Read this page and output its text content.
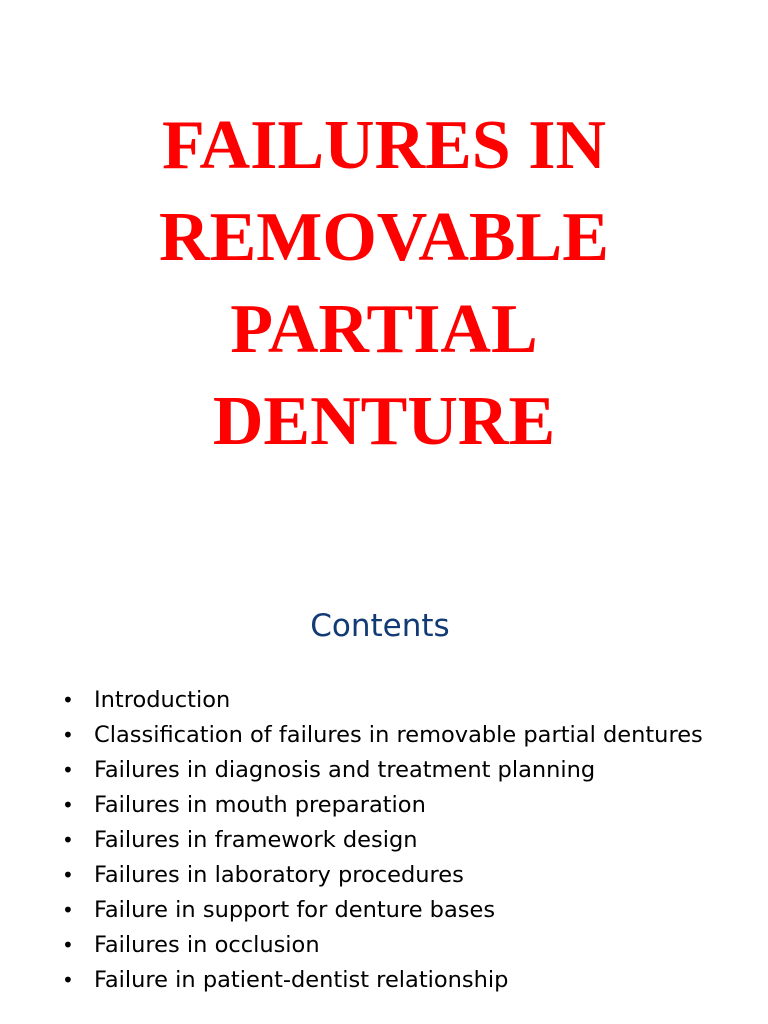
FAILURES IN
REMOVABLE
PARTIAL
DENTURE
Contents
• Introduction
• Classification of failures in removable partial dentures
• Failures in diagnosis and treatment planning
• Failures in mouth preparation
• Failures in framework design
• Failures in laboratory procedures
• Failure in support for denture bases
• Failures in occlusion
• Failure in patient-dentist relationship
